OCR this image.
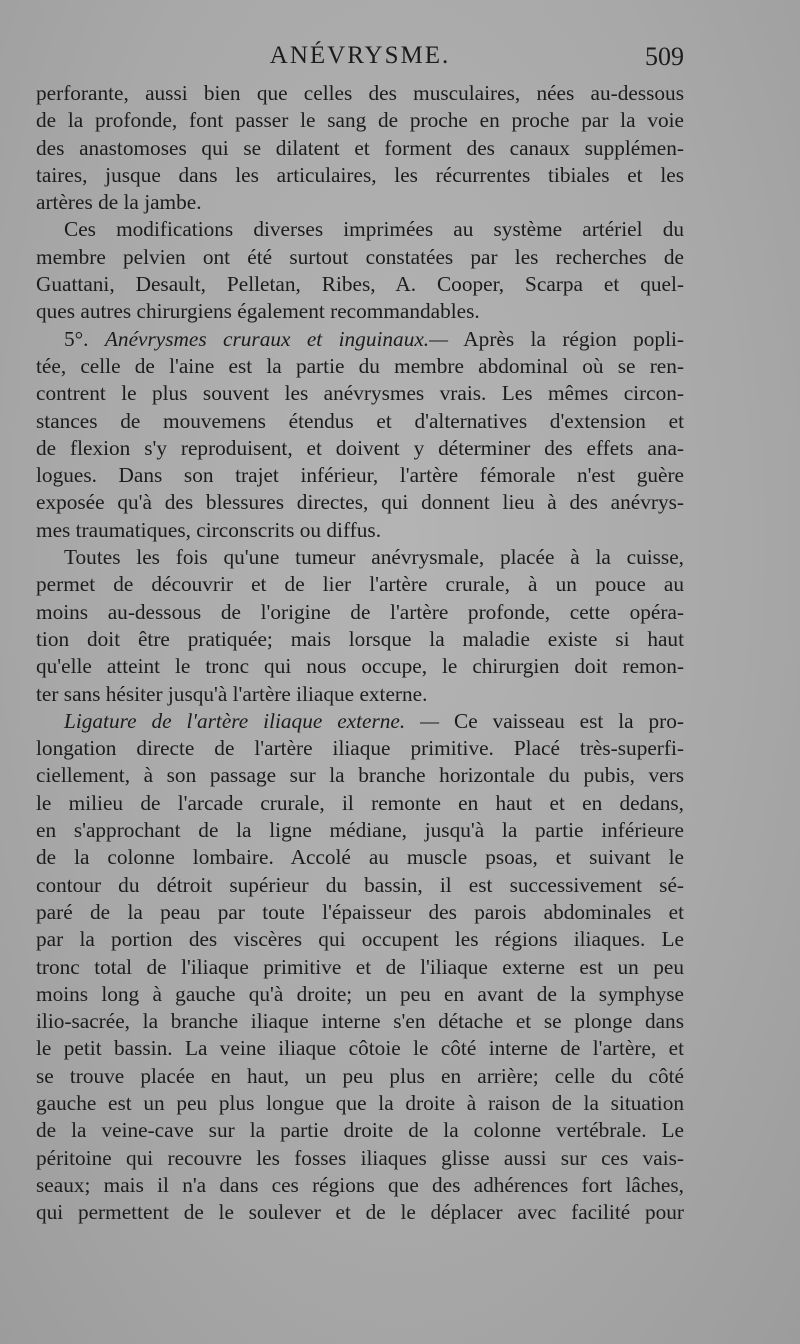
ANÉVRYSME.	509
perforante, aussi bien que celles des musculaires, nées au-dessous
de la profonde, font passer le sang de proche en proche par la voie
des anastomoses qui se dilatent et forment des canaux supplémen-
taires, jusque dans les articulaires, les récurrentes tibiales et les
artères de la jambe.
Ces modifications diverses imprimées au système artériel du
membre pelvien ont été surtout constatées par les recherches de
Guattani, Desault, Pelletan, Ribes, A. Cooper, Scarpa et quel-
ques autres chirurgiens également recommandables.
5°. Anévrysmes cruraux et inguinaux.— Après la région popli-
tée, celle de l'aine est la partie du membre abdominal où se ren-
contrent le plus souvent les anévrysmes vrais. Les mêmes circon-
stances de mouvemens étendus et d'alternatives d'extension et
de flexion s'y reproduisent, et doivent y déterminer des effets ana-
logues. Dans son trajet inférieur, l'artère fémorale n'est guère
exposée qu'à des blessures directes, qui donnent lieu à des anévrys-
mes traumatiques, circonscrits ou diffus.
Toutes les fois qu'une tumeur anévrysmale, placée à la cuisse,
permet de découvrir et de lier l'artère crurale, à un pouce au
moins au-dessous de l'origine de l'artère profonde, cette opéra-
tion doit être pratiquée; mais lorsque la maladie existe si haut
qu'elle atteint le tronc qui nous occupe, le chirurgien doit remon-
ter sans hésiter jusqu'à l'artère iliaque externe.
Ligature de l'artère iliaque externe. — Ce vaisseau est la pro-
longation directe de l'artère iliaque primitive. Placé très-superfi-
ciellement, à son passage sur la branche horizontale du pubis, vers
le milieu de l'arcade crurale, il remonte en haut et en dedans,
en s'approchant de la ligne médiane, jusqu'à la partie inférieure
de la colonne lombaire. Accolé au muscle psoas, et suivant le
contour du détroit supérieur du bassin, il est successivement sé-
paré de la peau par toute l'épaisseur des parois abdominales et
par la portion des viscères qui occupent les régions iliaques. Le
tronc total de l'iliaque primitive et de l'iliaque externe est un peu
moins long à gauche qu'à droite; un peu en avant de la symphyse
ilio-sacrée, la branche iliaque interne s'en détache et se plonge dans
le petit bassin. La veine iliaque côtoie le côté interne de l'artère, et
se trouve placée en haut, un peu plus en arrière; celle du côté
gauche est un peu plus longue que la droite à raison de la situation
de la veine-cave sur la partie droite de la colonne vertébrale. Le
péritoine qui recouvre les fosses iliaques glisse aussi sur ces vais-
seaux; mais il n'a dans ces régions que des adhérences fort lâches,
qui permettent de le soulever et de le déplacer avec facilité pour
